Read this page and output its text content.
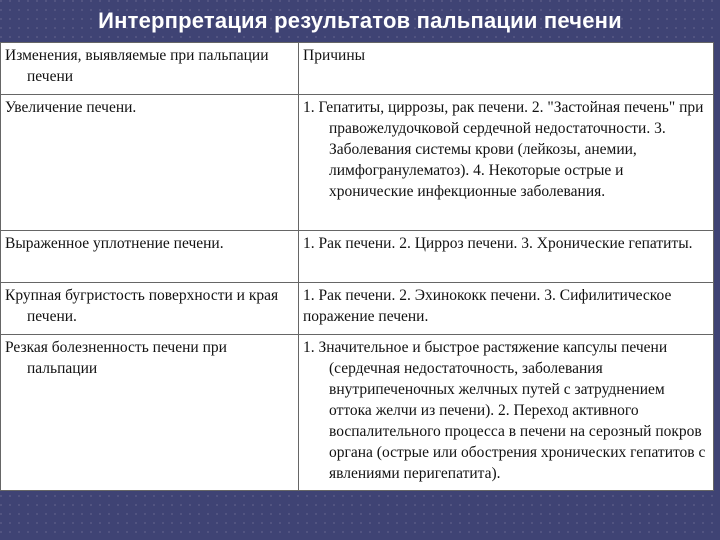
Интерпретация результатов пальпации печени
Изменения, выявляемые при пальпации печени	Причины
Увеличение печени.	1. Гепатиты, циррозы, рак печени. 2. "Застойная печень" при правожелудочковой сердечной недостаточности. 3. Заболевания системы крови (лейкозы, анемии, лимфогранулематоз). 4. Некоторые острые и хронические инфекционные заболевания.
Выраженное уплотнение печени.	1. Рак печени. 2. Цирроз печени. 3. Хронические гепатиты.
Крупная бугристость поверхности и края печени.	1. Рак печени. 2. Эхинококк печени. 3. Сифилитическое поражение печени.
Резкая болезненность печени при пальпации	1. Значительное и быстрое растяжение капсулы печени (сердечная недостаточность, заболевания внутрипеченочных желчных путей с затруднением оттока желчи из печени). 2. Переход активного воспалительного процесса в печени на серозный покров органа (острые или обострения хронических гепатитов с явлениями перигепатита).
